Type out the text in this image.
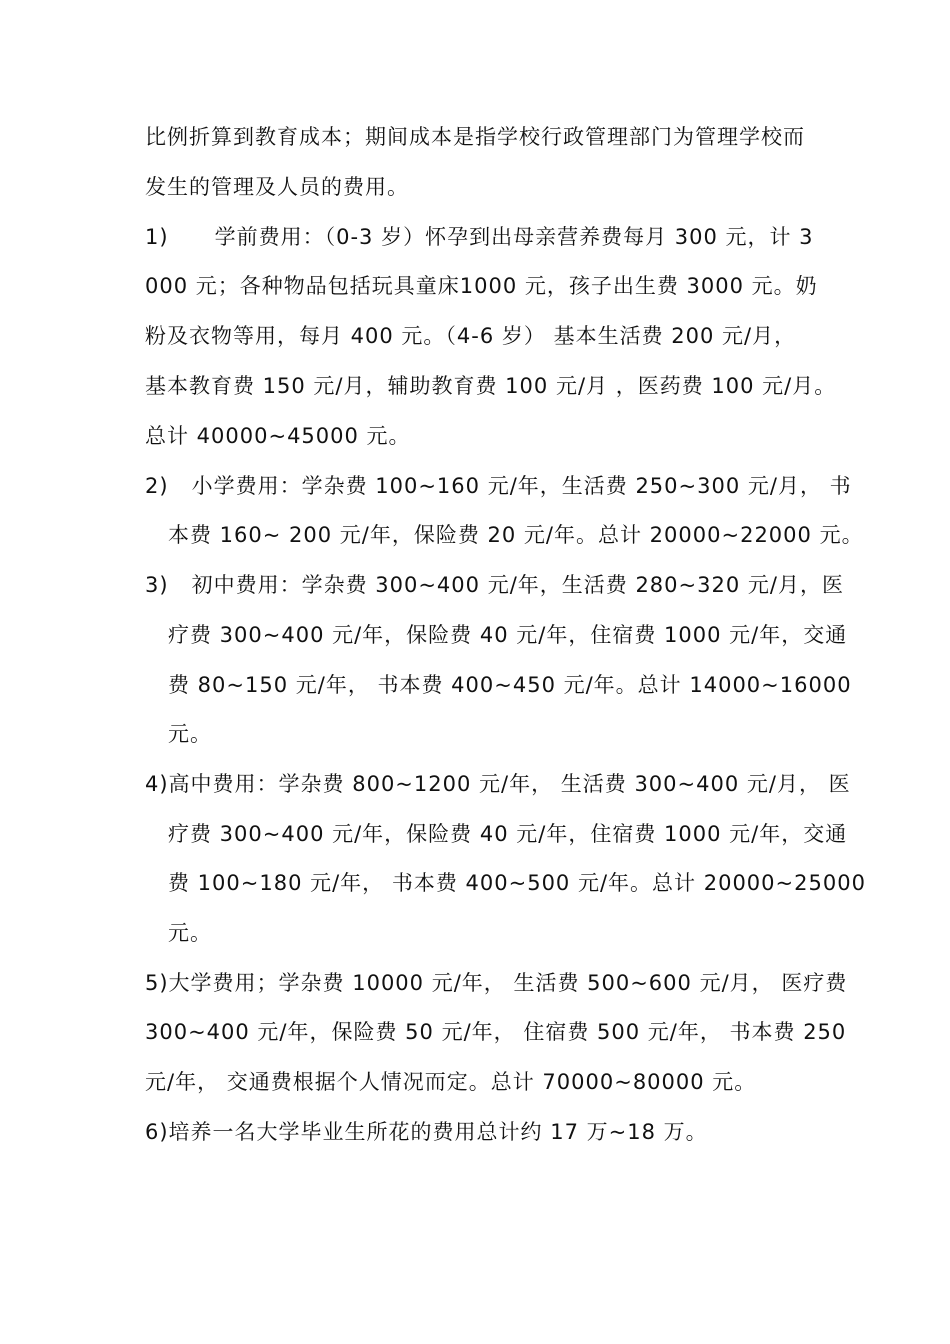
比例折算到教育成本；期间成本是指学校行政管理部门为管理学校而
发生的管理及人员的费用。
1)      学前费用：（0-3 岁）怀孕到出母亲营养费每月 300 元，计 3
000 元；各种物品包括玩具童床1000 元，孩子出生费 3000 元。奶
粉及衣物等用，每月 400 元。（4-6 岁） 基本生活费 200 元/月，
基本教育费 150 元/月，辅助教育费 100 元/月 ，医药费 100 元/月。
总计 40000~45000 元。
2)   小学费用：学杂费 100~160 元/年，生活费 250~300 元/月， 书
本费 160~ 200 元/年，保险费 20 元/年。总计 20000~22000 元。
3)   初中费用：学杂费 300~400 元/年，生活费 280~320 元/月，医
疗费 300~400 元/年，保险费 40 元/年，住宿费 1000 元/年，交通
费 80~150 元/年， 书本费 400~450 元/年。总计 14000~16000
元。
4)高中费用：学杂费 800~1200 元/年， 生活费 300~400 元/月， 医
疗费 300~400 元/年，保险费 40 元/年，住宿费 1000 元/年，交通
费 100~180 元/年， 书本费 400~500 元/年。总计 20000~25000
元。
5)大学费用；学杂费 10000 元/年， 生活费 500~600 元/月， 医疗费
300~400 元/年，保险费 50 元/年， 住宿费 500 元/年， 书本费 250
元/年， 交通费根据个人情况而定。总计 70000~80000 元。
6)培养一名大学毕业生所花的费用总计约 17 万~18 万。
